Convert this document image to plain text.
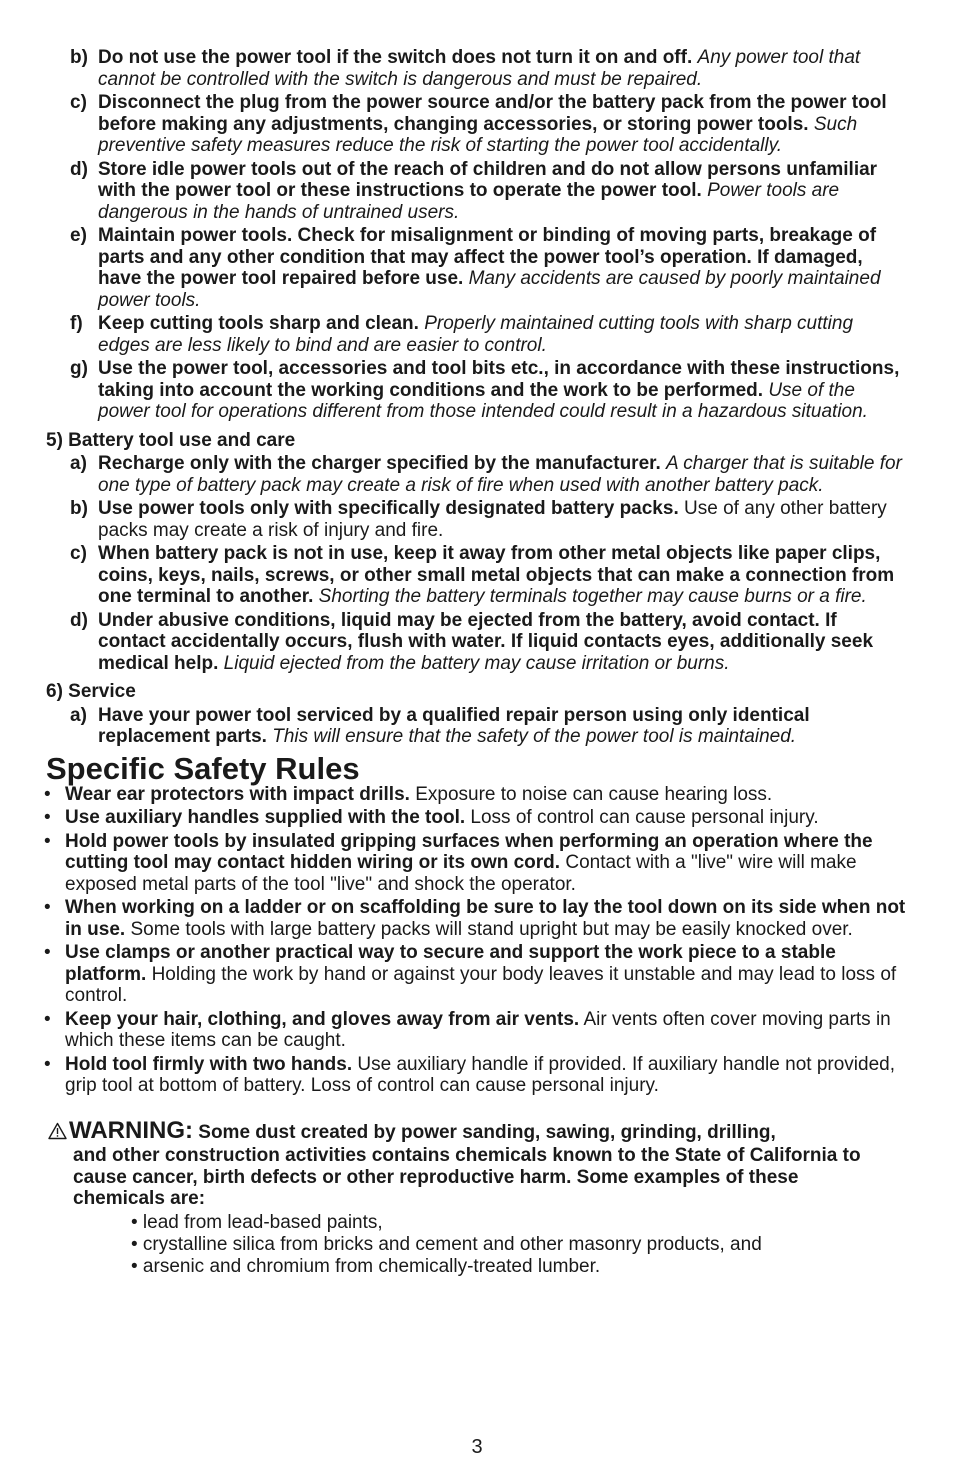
b) Do not use the power tool if the switch does not turn it on and off. Any power tool that cannot be controlled with the switch is dangerous and must be repaired.
c) Disconnect the plug from the power source and/or the battery pack from the power tool before making any adjustments, changing accessories, or storing power tools. Such preventive safety measures reduce the risk of starting the power tool accidentally.
d) Store idle power tools out of the reach of children and do not allow persons unfamiliar with the power tool or these instructions to operate the power tool. Power tools are dangerous in the hands of untrained users.
e) Maintain power tools. Check for misalignment or binding of moving parts, breakage of parts and any other condition that may affect the power tool’s operation. If damaged, have the power tool repaired before use. Many accidents are caused by poorly maintained power tools.
f) Keep cutting tools sharp and clean. Properly maintained cutting tools with sharp cutting edges are less likely to bind and are easier to control.
g) Use the power tool, accessories and tool bits etc., in accordance with these instructions, taking into account the working conditions and the work to be performed. Use of the power tool for operations different from those intended could result in a hazardous situation.
5) Battery tool use and care
a) Recharge only with the charger specified by the manufacturer. A charger that is suitable for one type of battery pack may create a risk of fire when used with another battery pack.
b) Use power tools only with specifically designated battery packs. Use of any other battery packs may create a risk of injury and fire.
c) When battery pack is not in use, keep it away from other metal objects like paper clips, coins, keys, nails, screws, or other small metal objects that can make a connection from one terminal to another. Shorting the battery terminals together may cause burns or a fire.
d) Under abusive conditions, liquid may be ejected from the battery, avoid contact. If contact accidentally occurs, flush with water. If liquid contacts eyes, additionally seek medical help. Liquid ejected from the battery may cause irritation or burns.
6) Service
a) Have your power tool serviced by a qualified repair person using only identical replacement parts. This will ensure that the safety of the power tool is maintained.
Specific Safety Rules
• Wear ear protectors with impact drills. Exposure to noise can cause hearing loss.
• Use auxiliary handles supplied with the tool. Loss of control can cause personal injury.
• Hold power tools by insulated gripping surfaces when performing an operation where the cutting tool may contact hidden wiring or its own cord. Contact with a "live" wire will make exposed metal parts of the tool "live" and shock the operator.
• When working on a ladder or on scaffolding be sure to lay the tool down on its side when not in use. Some tools with large battery packs will stand upright but may be easily knocked over.
• Use clamps or another practical way to secure and support the work piece to a stable platform. Holding the work by hand or against your body leaves it unstable and may lead to loss of control.
• Keep your hair, clothing, and gloves away from air vents. Air vents often cover moving parts in which these items can be caught.
• Hold tool firmly with two hands. Use auxiliary handle if provided. If auxiliary handle not provided, grip tool at bottom of battery. Loss of control can cause personal injury.
WARNING: Some dust created by power sanding, sawing, grinding, drilling,
and other construction activities contains chemicals known to the State of California to cause cancer, birth defects or other reproductive harm. Some examples of these chemicals are:
• lead from lead-based paints,
• crystalline silica from bricks and cement and other masonry products, and
• arsenic and chromium from chemically-treated lumber.
3
